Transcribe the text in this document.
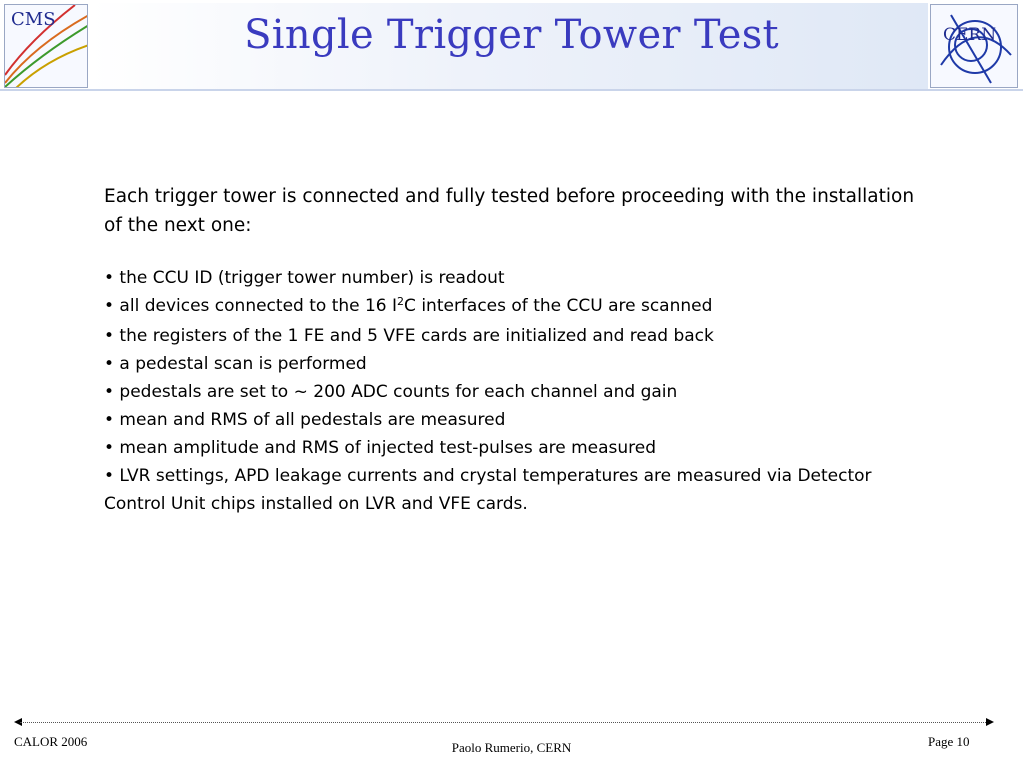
CMS	Single Trigger Tower Test	CERN

Each trigger tower is connected and fully tested before proceeding with the installation of the next one:

• the CCU ID (trigger tower number) is readout
• all devices connected to the 16 $I^2C$ interfaces of the CCU are scanned
• the registers of the 1 FE and 5 VFE cards are initialized and read back
• a pedestal scan is performed
• pedestals are set to ~ 200 ADC counts for each channel and gain
• mean and RMS of all pedestals are measured
• mean amplitude and RMS of injected test-pulses are measured
• LVR settings, APD leakage currents and crystal temperatures are measured via Detector Control Unit chips installed on LVR and VFE cards.
CALOR 2006	Paolo Rumerio, CERN	Page 10
